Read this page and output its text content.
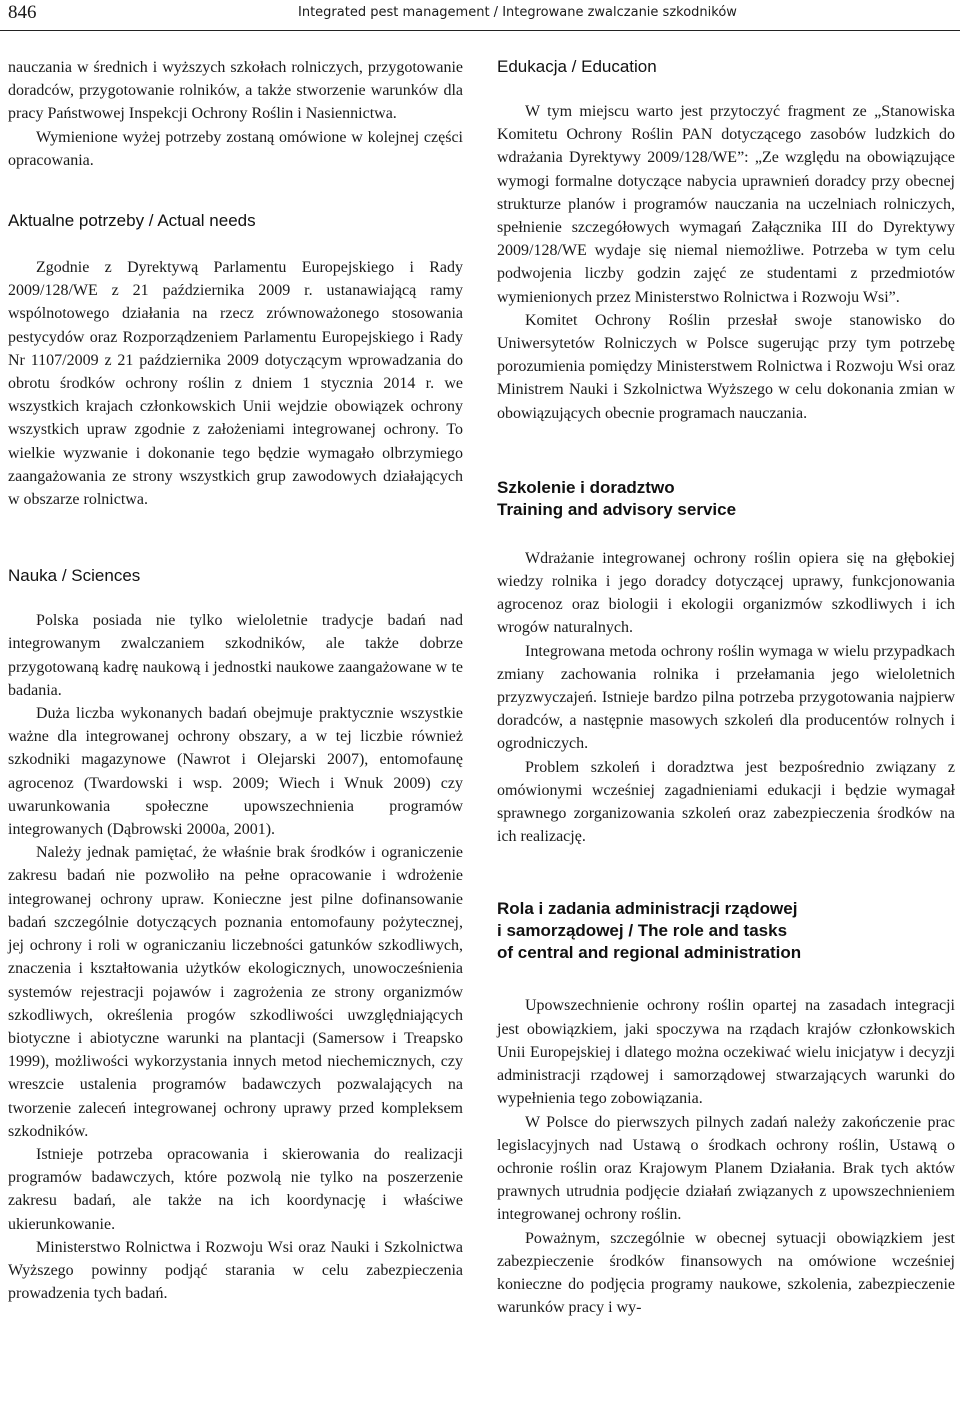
846	Integrated pest management / Integrowane zwalczanie szkodników

nauczania w średnich i wyższych szkołach rolniczych, przygotowanie doradców, przygotowanie rolników, a także stworzenie warunków dla pracy Państwowej Inspekcji Ochrony Roślin i Nasiennictwa.

Wymienione wyżej potrzeby zostaną omówione w kolejnej części opracowania.

Aktualne potrzeby / Actual needs

Zgodnie z Dyrektywą Parlamentu Europejskiego i Rady 2009/128/WE z 21 października 2009 r. ustanawiającą ramy wspólnotowego działania na rzecz zrównoważonego stosowania pestycydów oraz Rozporządzeniem Parlamentu Europejskiego i Rady Nr 1107/2009 z 21 października 2009 dotyczącym wprowadzania do obrotu środków ochrony roślin z dniem 1 stycznia 2014 r. we wszystkich krajach członkowskich Unii wejdzie obowiązek ochrony wszystkich upraw zgodnie z założeniami integrowanej ochrony. To wielkie wyzwanie i dokonanie tego będzie wymagało olbrzymiego zaangażowania ze strony wszystkich grup zawodowych działających w obszarze rolnictwa.

Nauka / Sciences

Polska posiada nie tylko wieloletnie tradycje badań nad integrowanym zwalczaniem szkodników, ale także dobrze przygotowaną kadrę naukową i jednostki naukowe zaangażowane w te badania.

Duża liczba wykonanych badań obejmuje praktycznie wszystkie ważne dla integrowanej ochrony obszary, a w tej liczbie również szkodniki magazynowe (Nawrot i Olejarski 2007), entomofaunę agrocenoz (Twardowski i wsp. 2009; Wiech i Wnuk 2009) czy uwarunkowania społeczne upowszechnienia programów integrowanych (Dąbrowski 2000a, 2001).

Należy jednak pamiętać, że właśnie brak środków i ograniczenie zakresu badań nie pozwoliło na pełne opracowanie i wdrożenie integrowanej ochrony upraw. Konieczne jest pilne dofinansowanie badań szczególnie dotyczących poznania entomofauny pożytecznej, jej ochrony i roli w ograniczaniu liczebności gatunków szkodliwych, znaczenia i kształtowania użytków ekologicznych, unowocześnienia systemów rejestracji pojawów i zagrożenia ze strony organizmów szkodliwych, określenia progów szkodliwości uwzględniających biotyczne i abiotyczne warunki na plantacji (Samersow i Treapsko 1999), możliwości wykorzystania innych metod niechemicznych, czy wreszcie ustalenia programów badawczych pozwalających na tworzenie zaleceń integrowanej ochrony uprawy przed kompleksem szkodników.

Istnieje potrzeba opracowania i skierowania do realizacji programów badawczych, które pozwolą nie tylko na poszerzenie zakresu badań, ale także na ich koordynację i właściwe ukierunkowanie.

Ministerstwo Rolnictwa i Rozwoju Wsi oraz Nauki i Szkolnictwa Wyższego powinny podjąć starania w celu zabezpieczenia prowadzenia tych badań.

Edukacja / Education

W tym miejscu warto jest przytoczyć fragment ze „Stanowiska Komitetu Ochrony Roślin PAN dotyczącego zasobów ludzkich do wdrażania Dyrektywy 2009/128/WE”: „Ze względu na obowiązujące wymogi formalne dotyczące nabycia uprawnień doradcy przy obecnej strukturze planów i programów nauczania na uczelniach rolniczych, spełnienie szczegółowych wymagań Załącznika III do Dyrektywy 2009/128/WE wydaje się niemal niemożliwe. Potrzeba w tym celu podwojenia liczby godzin zajęć ze studentami z przedmiotów wymienionych przez Ministerstwo Rolnictwa i Rozwoju Wsi”.

Komitet Ochrony Roślin przesłał swoje stanowisko do Uniwersytetów Rolniczych w Polsce sugerując przy tym potrzebę porozumienia pomiędzy Ministerstwem Rolnictwa i Rozwoju Wsi oraz Ministrem Nauki i Szkolnictwa Wyższego w celu dokonania zmian w obowiązujących obecnie programach nauczania.

Szkolenie i doradztwo
Training and advisory service

Wdrażanie integrowanej ochrony roślin opiera się na głębokiej wiedzy rolnika i jego doradcy dotyczącej uprawy, funkcjonowania agrocenoz oraz biologii i ekologii organizmów szkodliwych i ich wrogów naturalnych.

Integrowana metoda ochrony roślin wymaga w wielu przypadkach zmiany zachowania rolnika i przełamania jego wieloletnich przyzwyczajeń. Istnieje bardzo pilna potrzeba przygotowania najpierw doradców, a następnie masowych szkoleń dla producentów rolnych i ogrodniczych.

Problem szkoleń i doradztwa jest bezpośrednio związany z omówionymi wcześniej zagadnieniami edukacji i będzie wymagał sprawnego zorganizowania szkoleń oraz zabezpieczenia środków na ich realizację.

Rola i zadania administracji rządowej
i samorządowej / The role and tasks
of central and regional administration

Upowszechnienie ochrony roślin opartej na zasadach integracji jest obowiązkiem, jaki spoczywa na rządach krajów członkowskich Unii Europejskiej i dlatego można oczekiwać wielu inicjatyw i decyzji administracji rządowej i samorządowej stwarzających warunki do wypełnienia tego zobowiązania.

W Polsce do pierwszych pilnych zadań należy zakończenie prac legislacyjnych nad Ustawą o środkach ochrony roślin, Ustawą o ochronie roślin oraz Krajowym Planem Działania. Brak tych aktów prawnych utrudnia podjęcie działań związanych z upowszechnieniem integrowanej ochrony roślin.

Poważnym, szczególnie w obecnej sytuacji obowiązkiem jest zabezpieczenie środków finansowych na omówione wcześniej konieczne do podjęcia programy naukowe, szkolenia, zabezpieczenie warunków pracy i wy-
